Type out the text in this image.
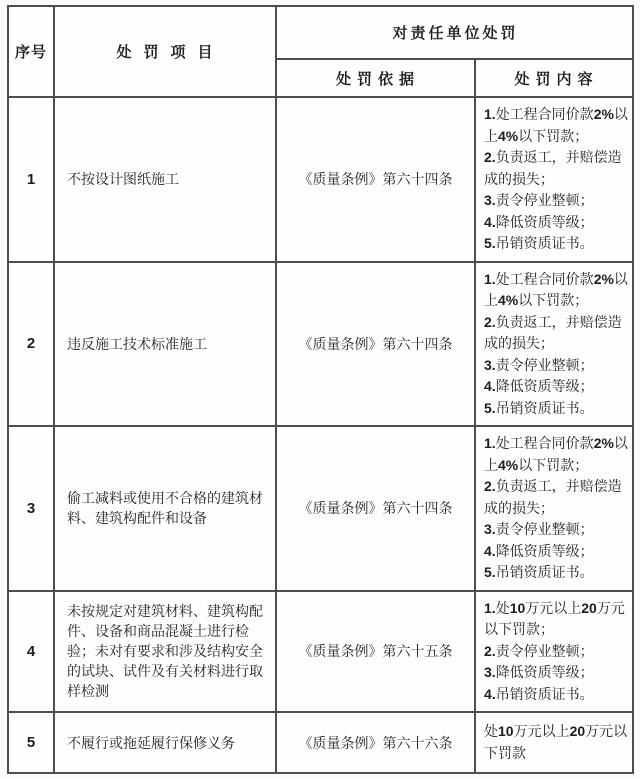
序号	处罚项目	对责任单位处罚	
		处罚依据	处罚内容
1	不按设计图纸施工	《质量条例》第六十四条	1.处工程合同价款2%以上4%以下罚款；
2.负责返工，并赔偿造成的损失；
3.责令停业整顿；
4.降低资质等级；
5.吊销资质证书。

2	违反施工技术标准施工	《质量条例》第六十四条	1.处工程合同价款2%以上4%以下罚款；
2.负责返工，并赔偿造成的损失；
3.责令停业整顿；
4.降低资质等级；
5.吊销资质证书。

3	偷工减料或使用不合格的建筑材料、建筑构配件和设备	《质量条例》第六十四条	1.处工程合同价款2%以上4%以下罚款；
2.负责返工，并赔偿造成的损失；
3.责令停业整顿；
4.降低资质等级；
5.吊销资质证书。

4	未按规定对建筑材料、建筑构配件、设备和商品混凝土进行检验；未对有要求和涉及结构安全的试块、试件及有关材料进行取样检测	《质量条例》第六十五条	1.处10万元以上20万元以下罚款；
2.责令停业整顿；
3.降低资质等级；
4.吊销资质证书。

5	不履行或拖延履行保修义务	《质量条例》第六十六条	处10万元以上20万元以下罚款
